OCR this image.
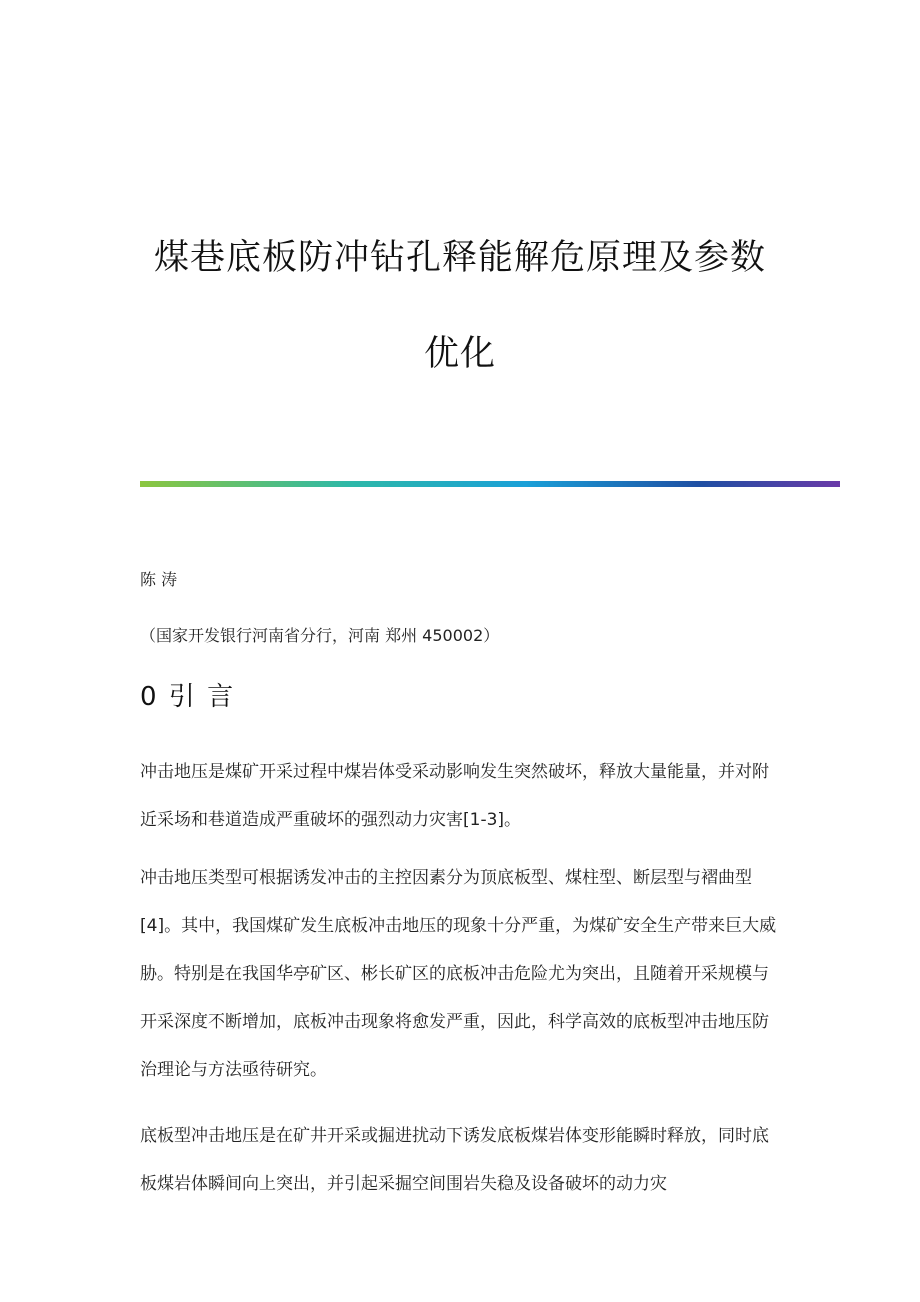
煤巷底板防冲钻孔释能解危原理及参数
优化
陈 涛
（国家开发银行河南省分行，河南 郑州 450002）
0 引 言

冲击地压是煤矿开采过程中煤岩体受采动影响发生突然破坏，释放大量能量，并对附近采场和巷道造成严重破坏的强烈动力灾害[1-3]。

冲击地压类型可根据诱发冲击的主控因素分为顶底板型、煤柱型、断层型与褶曲型[4]。其中，我国煤矿发生底板冲击地压的现象十分严重，为煤矿安全生产带来巨大威胁。特别是在我国华亭矿区、彬长矿区的底板冲击危险尤为突出，且随着开采规模与开采深度不断增加，底板冲击现象将愈发严重，因此，科学高效的底板型冲击地压防治理论与方法亟待研究。

底板型冲击地压是在矿井开采或掘进扰动下诱发底板煤岩体变形能瞬时释放，同时底板煤岩体瞬间向上突出，并引起采掘空间围岩失稳及设备破坏的动力灾
